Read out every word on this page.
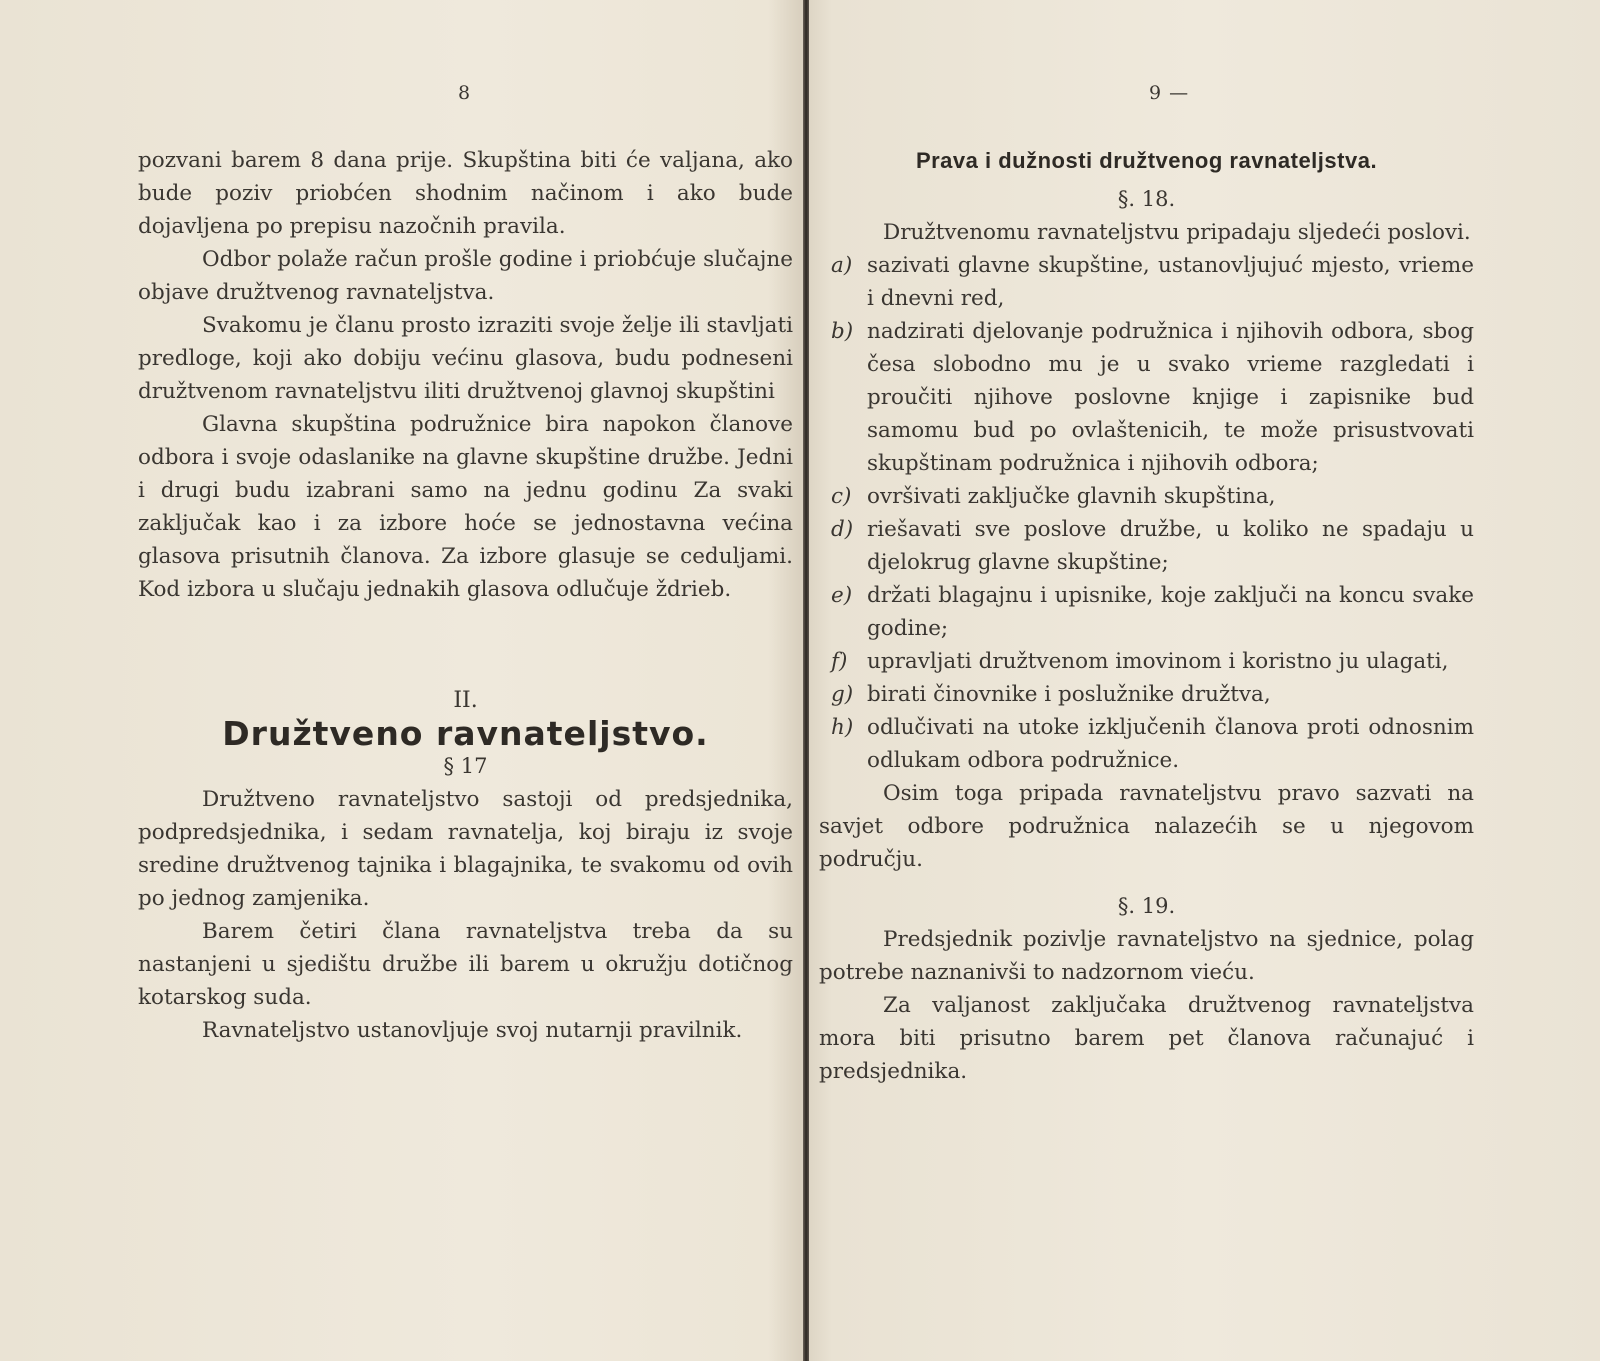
8

pozvani barem 8 dana prije. Skupština biti će valjana, ako bude poziv priobćen shodnim načinom i ako bude dojavljena po prepisu nazočnih pravila.

Odbor polaže račun prošle godine i priobćuje slučajne objave družtvenog ravnateljstva.

Svakomu je članu prosto izraziti svoje želje ili stavljati predloge, koji ako dobiju većinu glasova, budu podneseni družtvenom ravnateljstvu iliti družtvenoj glavnoj skupštini

Glavna skupština podružnice bira napokon članove odbora i svoje odaslanike na glavne skupštine družbe. Jedni i drugi budu izabrani samo na jednu godinu Za svaki zaključak kao i za izbore hoće se jednostavna većina glasova prisutnih članova. Za izbore glasuje se ceduljami. Kod izbora u slučaju jednakih glasova odlučuje ždrieb.

II.

Družtveno ravnateljstvo.

§ 17

Družtveno ravnateljstvo sastoji od predsjednika, podpredsjednika, i sedam ravnatelja, koj biraju iz svoje sredine družtvenog tajnika i blagajnika, te svakomu od ovih po jednog zamjenika.

Barem četiri člana ravnateljstva treba da su nastanjeni u sjedištu družbe ili barem u okružju dotičnog kotarskog suda.

Ravnateljstvo ustanovljuje svoj nutarnji pravilnik.

9 —

Prava i dužnosti družtvenog ravnateljstva.

§. 18.

Družtvenomu ravnateljstvu pripadaju sljedeći poslovi.

a) sazivati glavne skupštine, ustanovljujuć mjesto, vrieme i dnevni red,
b) nadzirati djelovanje podružnica i njihovih odbora, sbog česa slobodno mu je u svako vrieme razgledati i proučiti njihove poslovne knjige i zapisnike bud samomu bud po ovlaštenicih, te može prisustvovati skupštinam podružnica i njihovih odbora;
c) ovršivati zaključke glavnih skupština,
d) riešavati sve poslove družbe, u koliko ne spadaju u djelokrug glavne skupštine;
e) držati blagajnu i upisnike, koje zaključi na koncu svake godine;
f) upravljati družtvenom imovinom i koristno ju ulagati,
g) birati činovnike i poslužnike družtva,
h) odlučivati na utoke izključenih članova proti odnosnim odlukam odbora podružnice.

Osim toga pripada ravnateljstvu pravo sazvati na savjet odbore podružnica nalazećih se u njegovom području.

§. 19.

Predsjednik pozivlje ravnateljstvo na sjednice, polag potrebe naznanivši to nadzornom vieću.

Za valjanost zaključaka družtvenog ravnateljstva mora biti prisutno barem pet članova računajuć i predsjednika.
